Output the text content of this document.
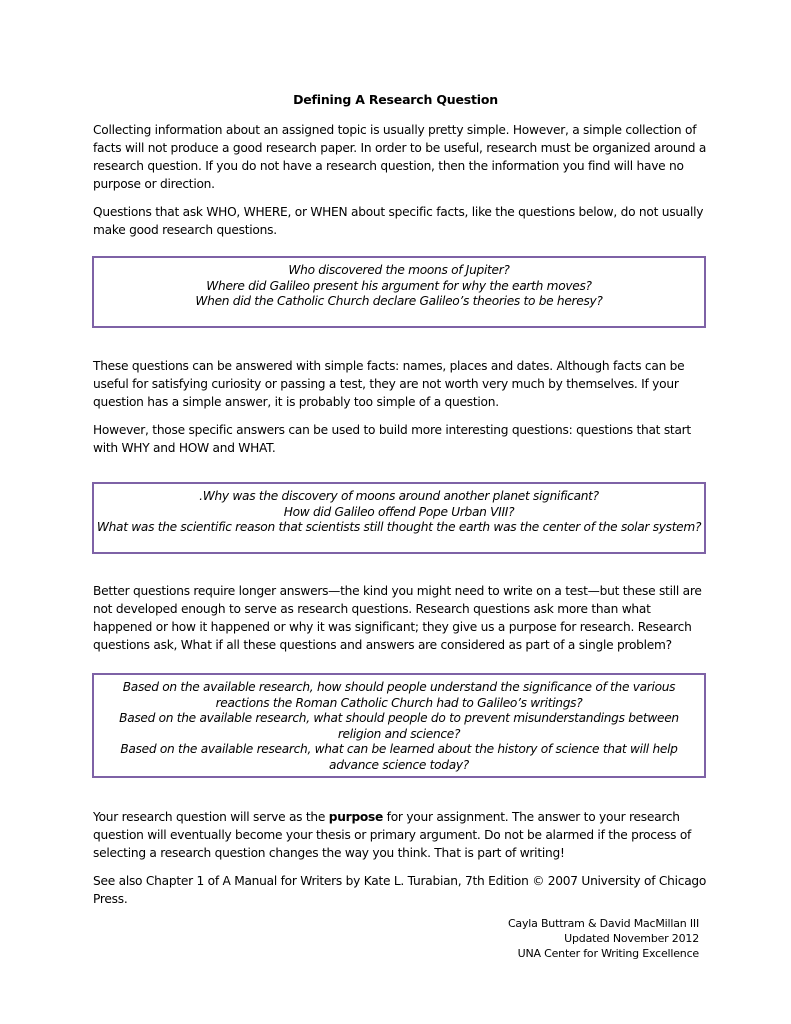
Defining A Research Question

Collecting information about an assigned topic is usually pretty simple. However, a simple collection of facts will not produce a good research paper. In order to be useful, research must be organized around a research question. If you do not have a research question, then the information you find will have no purpose or direction.

Questions that ask WHO, WHERE, or WHEN about specific facts, like the questions below, do not usually make good research questions.

Who discovered the moons of Jupiter?
Where did Galileo present his argument for why the earth moves?
When did the Catholic Church declare Galileo’s theories to be heresy?

These questions can be answered with simple facts: names, places and dates. Although facts can be useful for satisfying curiosity or passing a test, they are not worth very much by themselves. If your question has a simple answer, it is probably too simple of a question.

However, those specific answers can be used to build more interesting questions: questions that start with WHY and HOW and WHAT.

.Why was the discovery of moons around another planet significant?
How did Galileo offend Pope Urban VIII?
What was the scientific reason that scientists still thought the earth was the center of the solar system?

Better questions require longer answers—the kind you might need to write on a test—but these still are not developed enough to serve as research questions. Research questions ask more than what happened or how it happened or why it was significant; they give us a purpose for research. Research questions ask, What if all these questions and answers are considered as part of a single problem?

Based on the available research, how should people understand the significance of the various reactions the Roman Catholic Church had to Galileo’s writings?
Based on the available research, what should people do to prevent misunderstandings between religion and science?
Based on the available research, what can be learned about the history of science that will help advance science today?

Your research question will serve as the purpose for your assignment. The answer to your research question will eventually become your thesis or primary argument. Do not be alarmed if the process of selecting a research question changes the way you think. That is part of writing!

See also Chapter 1 of A Manual for Writers by Kate L. Turabian, 7th Edition © 2007 University of Chicago Press.

Cayla Buttram & David MacMillan III
Updated November 2012
UNA Center for Writing Excellence
